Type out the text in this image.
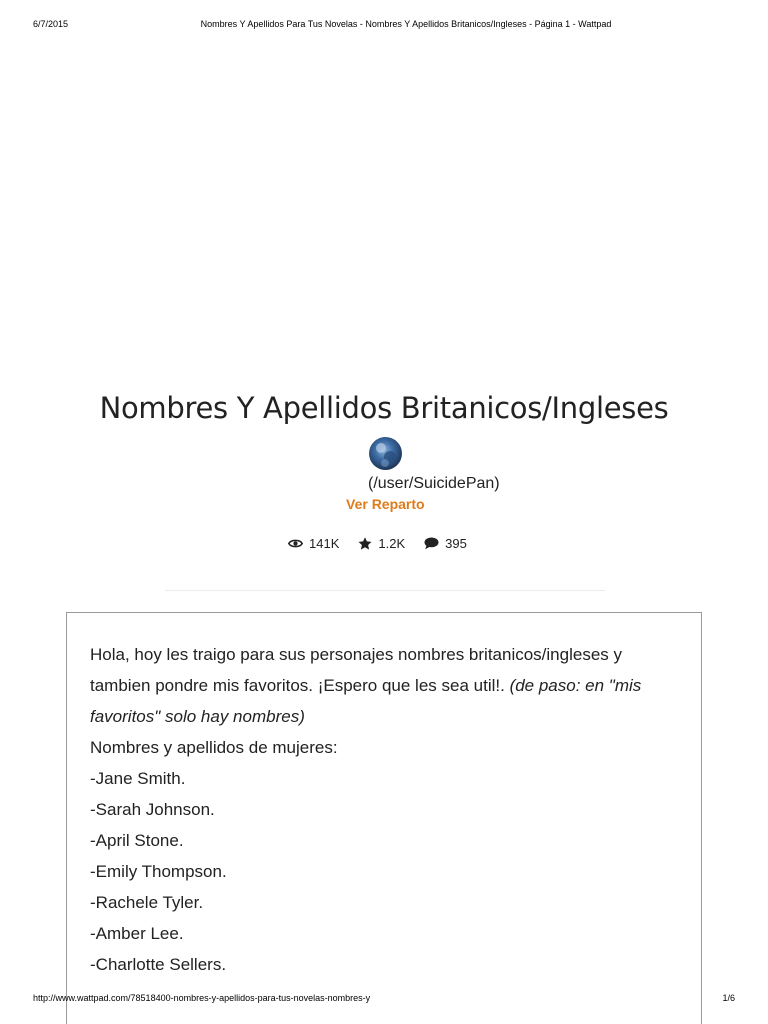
6/7/2015	Nombres Y Apellidos Para Tus Novelas - Nombres Y Apellidos Britanicos/Ingleses - Página 1 - Wattpad
Nombres Y Apellidos Britanicos/Ingleses
(/user/SuicidePan)
Ver Reparto
141K	1.2K	395

Hola, hoy les traigo para sus personajes nombres britanicos/ingleses y tambien pondre mis favoritos. ¡Espero que les sea util!. (de paso: en "mis favoritos" solo hay nombres)

Nombres y apellidos de mujeres:

-Jane Smith.

-Sarah Johnson.

-April Stone.

-Emily Thompson.

-Rachele Tyler.

-Amber Lee.

-Charlotte Sellers.

http://www.wattpad.com/78518400-nombres-y-apellidos-para-tus-novelas-nombres-y	1/6
